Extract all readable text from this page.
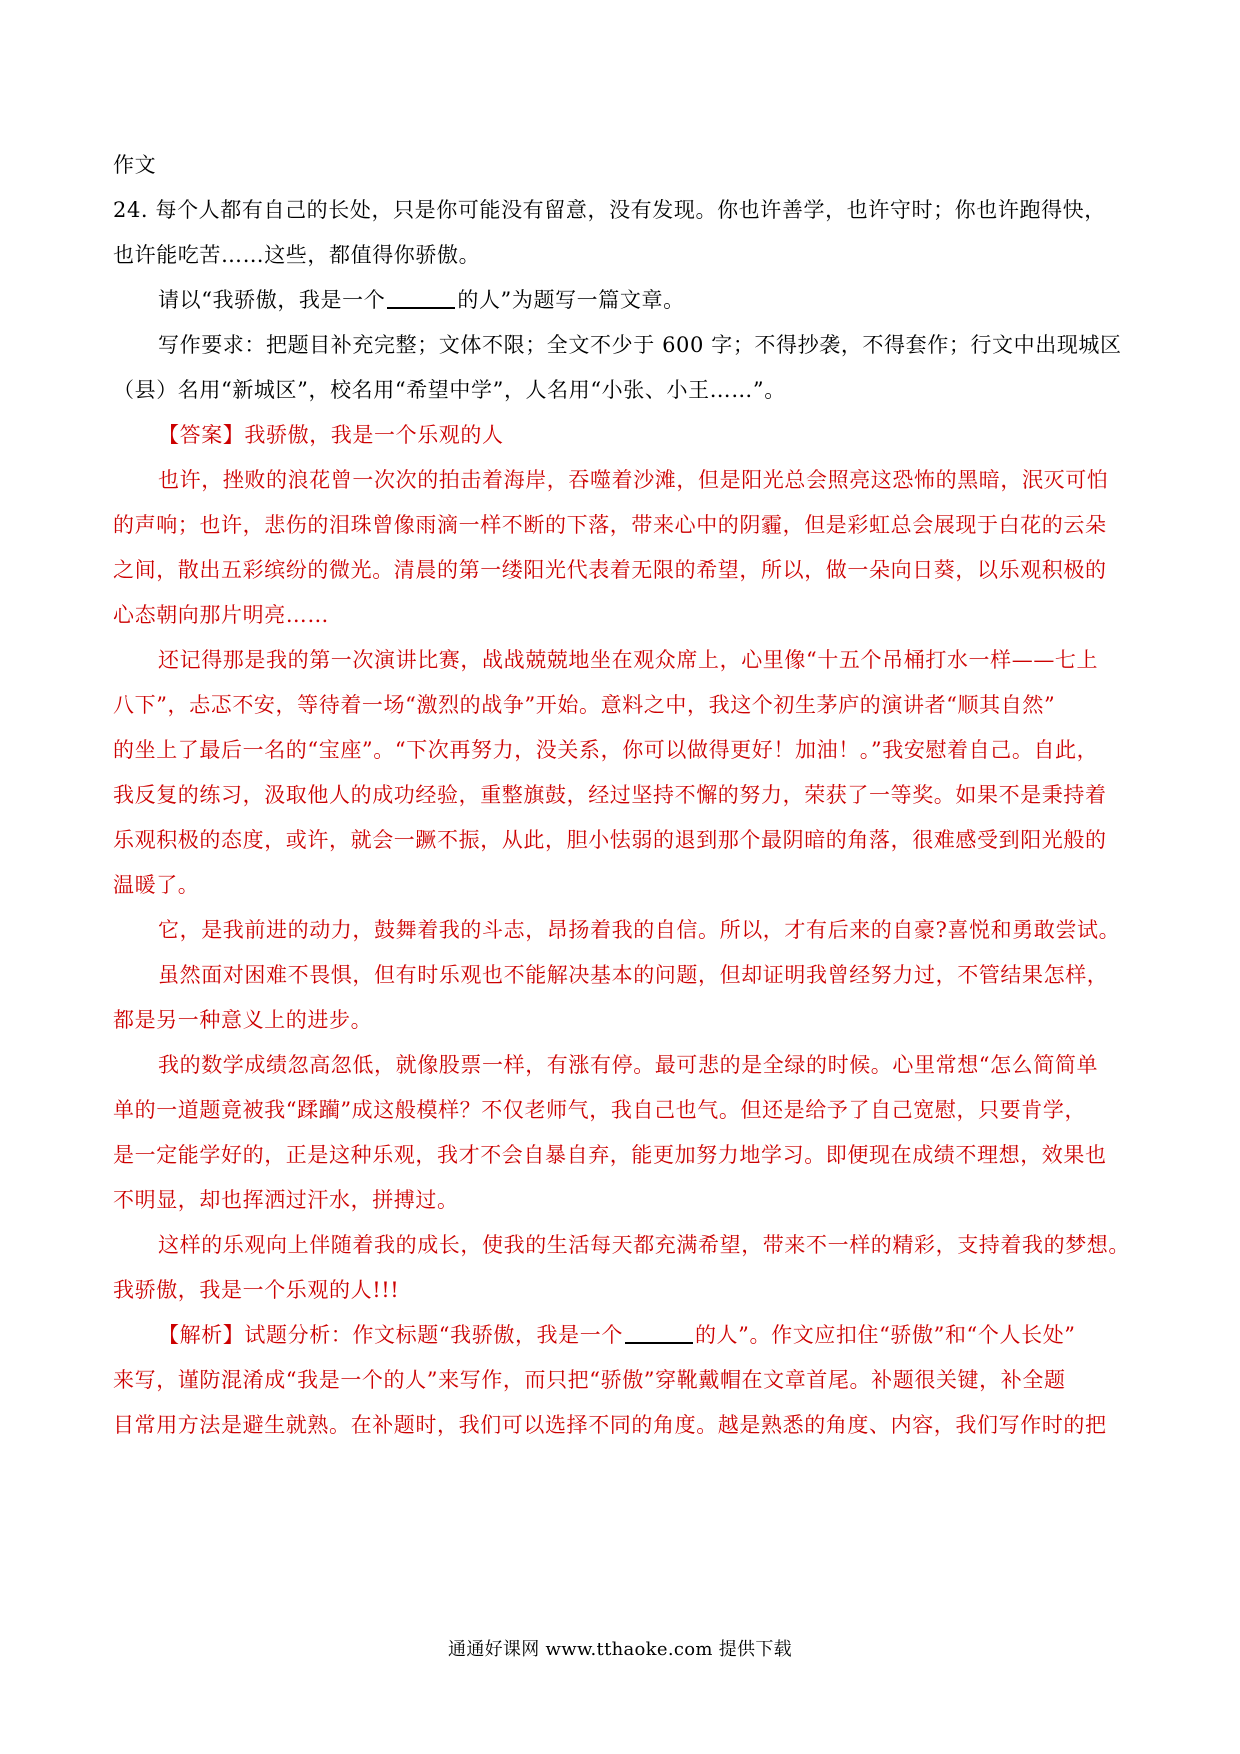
作文
24. 每个人都有自己的长处，只是你可能没有留意，没有发现。你也许善学，也许守时；你也许跑得快，
也许能吃苦……这些，都值得你骄傲。
请以“我骄傲，我是一个	的人”为题写一篇文章。
写作要求：把题目补充完整；文体不限；全文不少于 600 字；不得抄袭，不得套作；行文中出现城区
（县）名用“新城区”，校名用“希望中学”，人名用“小张、小王……”。
【答案】我骄傲，我是一个乐观的人
也许，挫败的浪花曾一次次的拍击着海岸，吞噬着沙滩，但是阳光总会照亮这恐怖的黑暗，泯灭可怕
的声响；也许，悲伤的泪珠曾像雨滴一样不断的下落，带来心中的阴霾，但是彩虹总会展现于白花的云朵
之间，散出五彩缤纷的微光。清晨的第一缕阳光代表着无限的希望，所以，做一朵向日葵，以乐观积极的
心态朝向那片明亮……
还记得那是我的第一次演讲比赛，战战兢兢地坐在观众席上，心里像“十五个吊桶打水一样——七上
八下”，忐忑不安，等待着一场“激烈的战争”开始。意料之中，我这个初生茅庐的演讲者“顺其自然”
的坐上了最后一名的“宝座”。“下次再努力，没关系，你可以做得更好！加油！。”我安慰着自己。自此，
我反复的练习，汲取他人的成功经验，重整旗鼓，经过坚持不懈的努力，荣获了一等奖。如果不是秉持着
乐观积极的态度，或许，就会一蹶不振，从此，胆小怯弱的退到那个最阴暗的角落，很难感受到阳光般的
温暖了。
它，是我前进的动力，鼓舞着我的斗志，昂扬着我的自信。所以，才有后来的自豪?喜悦和勇敢尝试。
虽然面对困难不畏惧，但有时乐观也不能解决基本的问题，但却证明我曾经努力过，不管结果怎样，
都是另一种意义上的进步。
我的数学成绩忽高忽低，就像股票一样，有涨有停。最可悲的是全绿的时候。心里常想“怎么简简单
单的一道题竟被我“蹂躏”成这般模样？不仅老师气，我自己也气。但还是给予了自己宽慰，只要肯学，
是一定能学好的，正是这种乐观，我才不会自暴自弃，能更加努力地学习。即便现在成绩不理想，效果也
不明显，却也挥洒过汗水，拼搏过。
这样的乐观向上伴随着我的成长，使我的生活每天都充满希望，带来不一样的精彩，支持着我的梦想。
我骄傲，我是一个乐观的人!!!
【解析】试题分析：作文标题“我骄傲，我是一个	的人”。作文应扣住“骄傲”和“个人长处”
来写，谨防混淆成“我是一个的人”来写作，而只把“骄傲”穿靴戴帽在文章首尾。补题很关键，补全题
目常用方法是避生就熟。在补题时，我们可以选择不同的角度。越是熟悉的角度、内容，我们写作时的把
通通好课网 www.tthaoke.com 提供下载
